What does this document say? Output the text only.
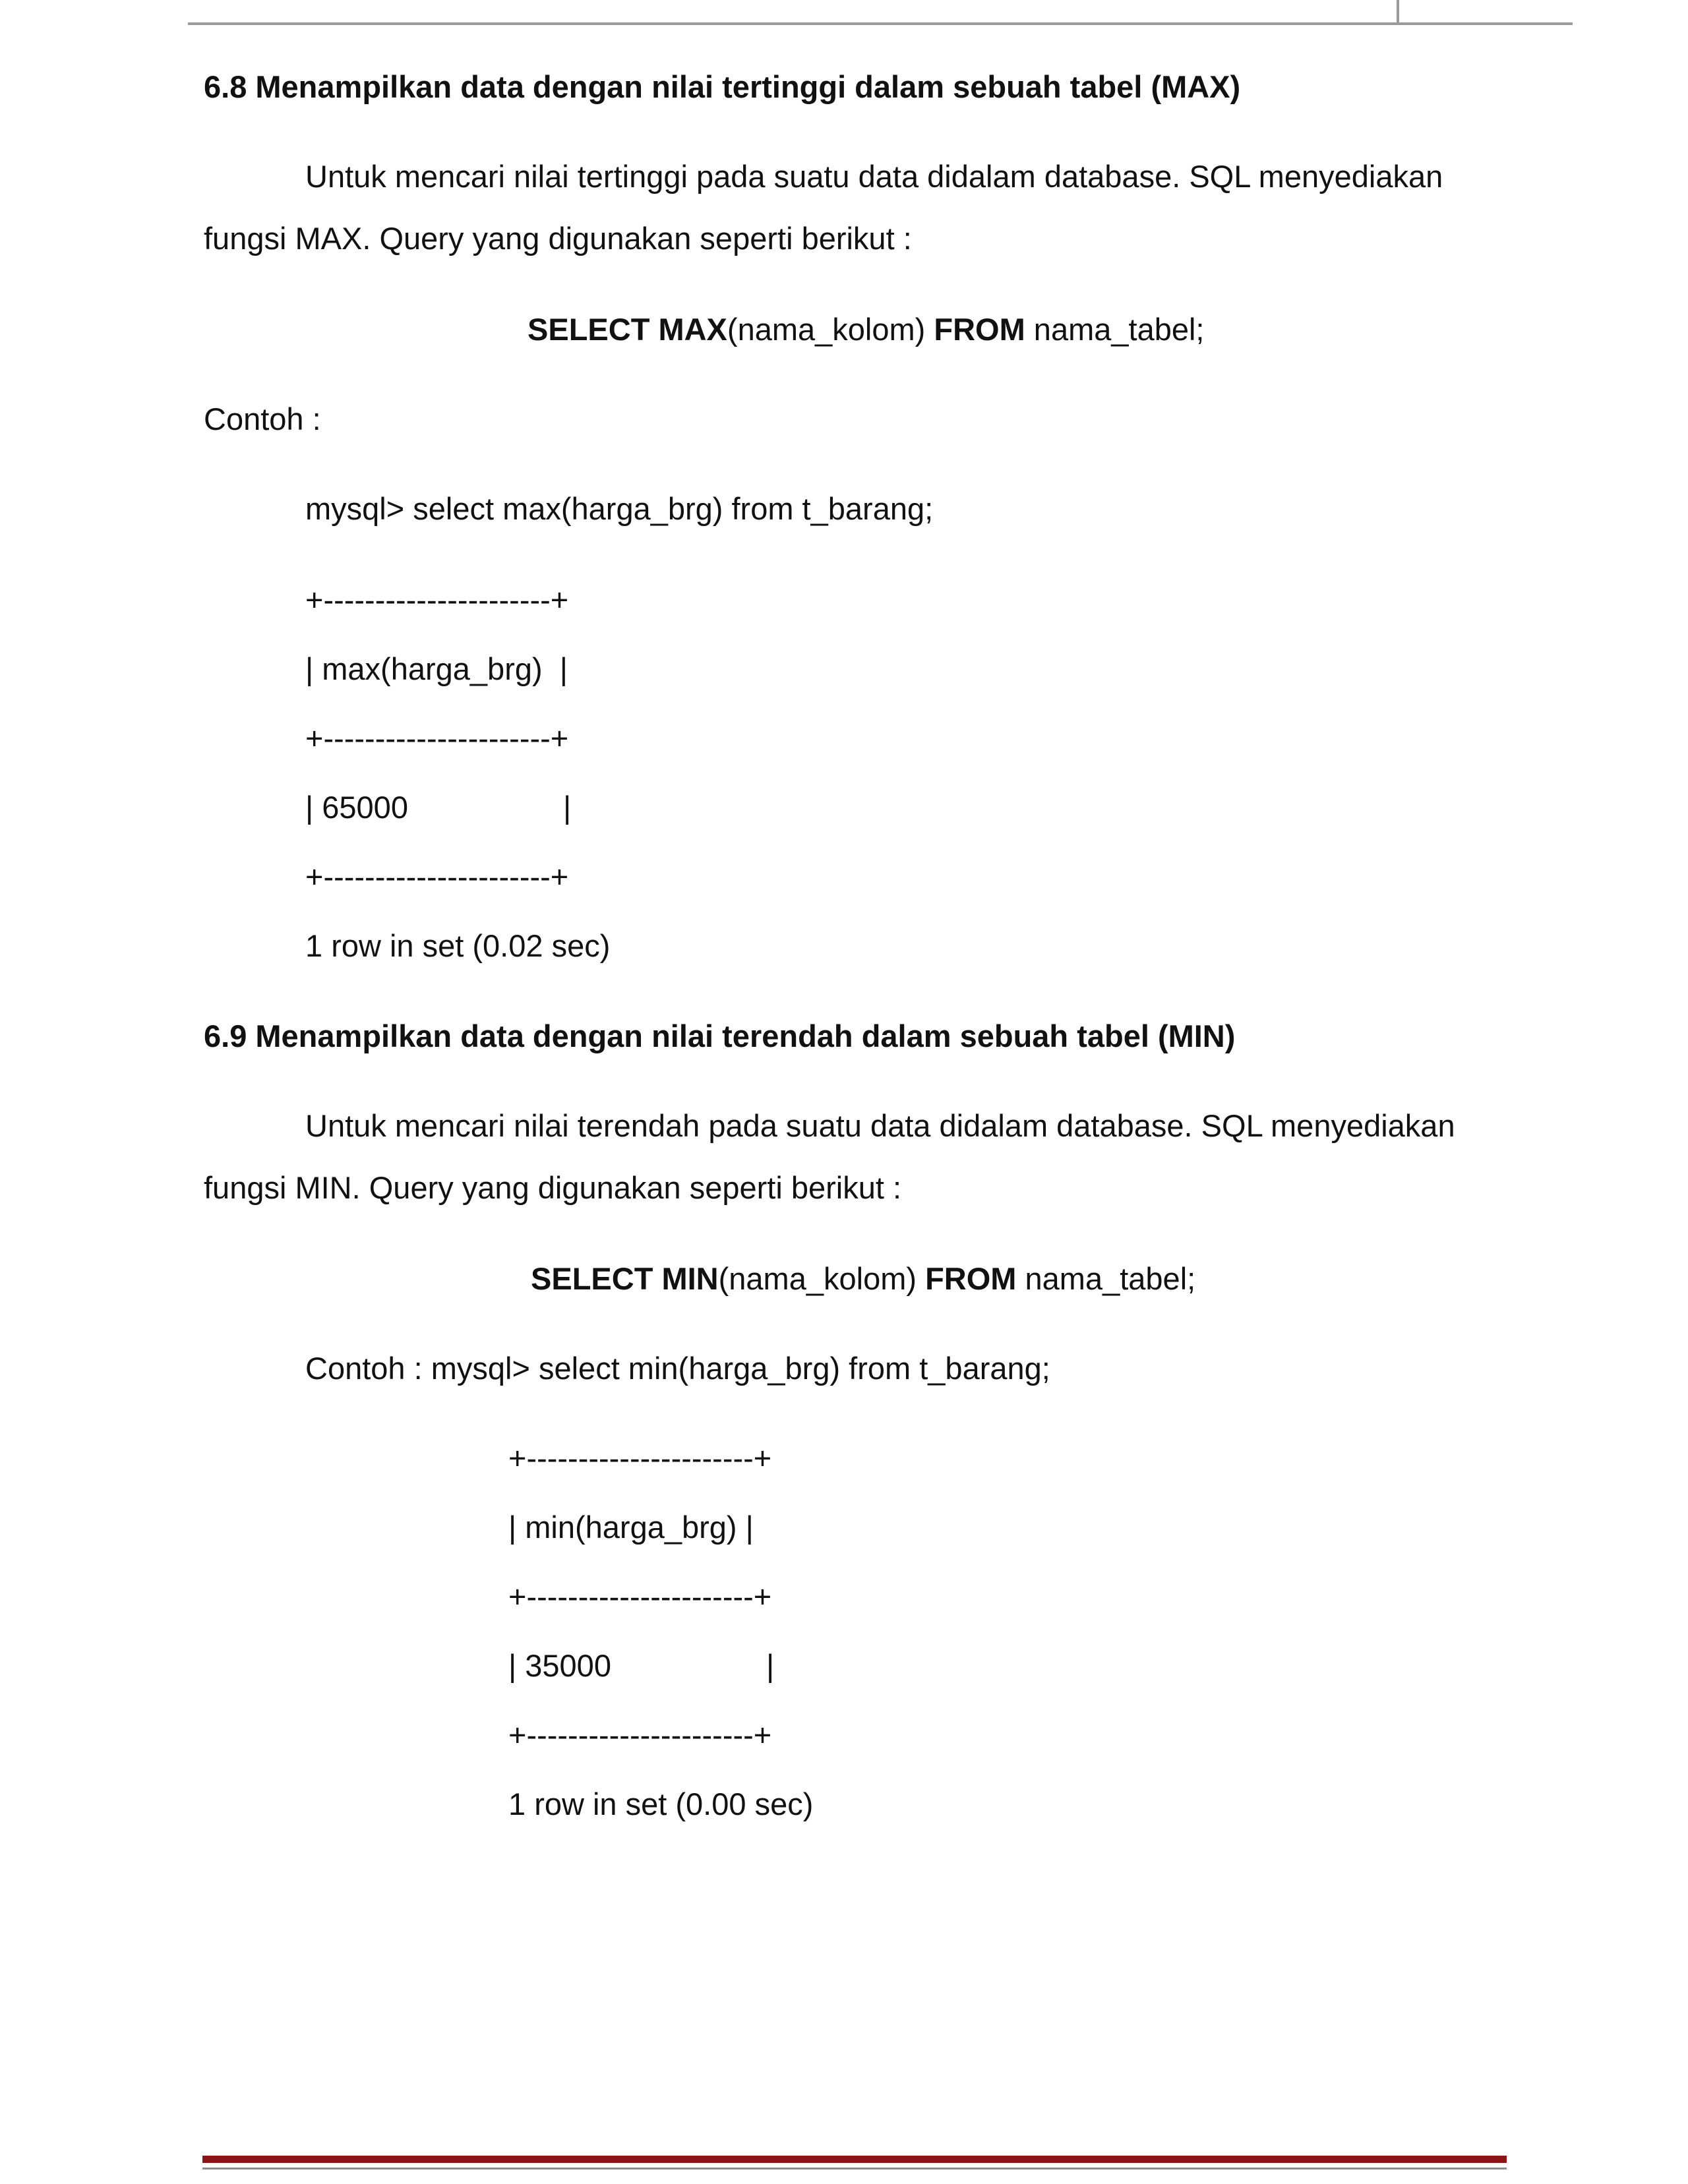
6.8 Menampilkan data dengan nilai tertinggi dalam sebuah tabel (MAX)

Untuk mencari nilai tertinggi pada suatu data didalam database. SQL menyediakan

fungsi MAX. Query yang digunakan seperti berikut :

SELECT MAX(nama_kolom) FROM nama_tabel;

Contoh :

mysql> select max(harga_brg) from t_barang;

+----------------------+

| max(harga_brg)  |

+----------------------+

| 65000                  |

+----------------------+

1 row in set (0.02 sec)

6.9 Menampilkan data dengan nilai terendah dalam sebuah tabel (MIN)

Untuk mencari nilai terendah pada suatu data didalam database. SQL menyediakan

fungsi MIN. Query yang digunakan seperti berikut :

SELECT MIN(nama_kolom) FROM nama_tabel;

Contoh : mysql> select min(harga_brg) from t_barang;

+----------------------+

| min(harga_brg) |

+----------------------+

| 35000                  |

+----------------------+

1 row in set (0.00 sec)
